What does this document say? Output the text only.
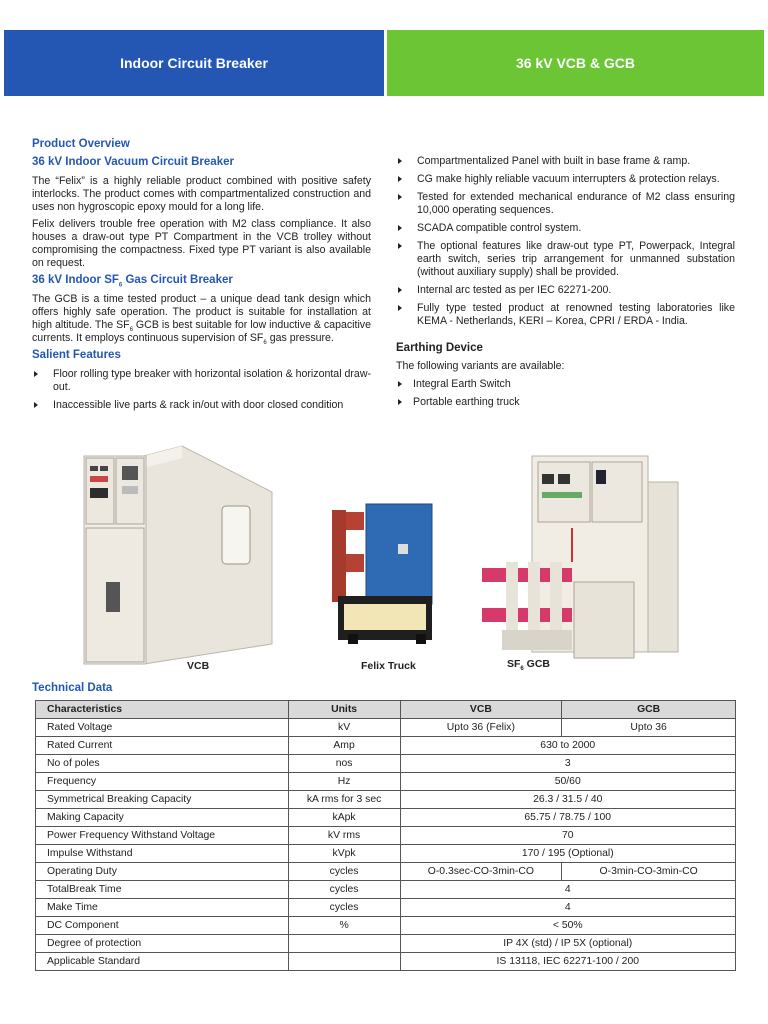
Indoor Circuit Breaker	36 kV VCB & GCB
Product Overview
36 kV Indoor Vacuum Circuit Breaker

The “Felix” is a highly reliable product combined with positive safety interlocks. The product comes with compartmentalized construction and uses non hygroscopic epoxy mould for a long life.

Felix delivers trouble free operation with M2 class compliance. It also houses a draw-out type PT Compartment in the VCB trolley without compromising the compactness. Fixed type PT variant is also available on request.

36 kV Indoor $SF_6$ Gas Circuit Breaker

The GCB is a time tested product – a unique dead tank design which offers highly safe operation. The product is suitable for installation at high altitude. The $SF_6$ GCB is best suitable for low inductive & capacitive currents. It employs continuous supervision of $SF_6$ gas pressure.

Salient Features
Floor rolling type breaker with horizontal isolation & horizontal draw-out.
Inaccessible live parts & rack in/out with door closed condition
Compartmentalized Panel with built in base frame & ramp.
CG make highly reliable vacuum interrupters & protection relays.
Tested for extended mechanical endurance of M2 class ensuring 10,000 operating sequences.
SCADA compatible control system.
The optional features like draw-out type PT, Powerpack, Integral earth switch, series trip arrangement for unmanned substation (without auxiliary supply) shall be provided.
Internal arc tested as per IEC 62271-200.
Fully type tested product at renowned testing laboratories like KEMA - Netherlands, KERI – Korea, CPRI / ERDA - India.
Earthing Device

The following variants are available:

Integral Earth Switch
Portable earthing truck
VCB	Felix Truck	$SF_6$ GCB
Technical Data
Characteristics	Units	VCB	GCB
Rated Voltage	kV	Upto 36 (Felix)	Upto 36
Rated Current	Amp	630 to 2000	
No of poles	nos	3	
Frequency	Hz	50/60	
Symmetrical Breaking Capacity	kA rms for 3 sec	26.3 / 31.5 / 40	
Making Capacity	kApk	65.75 / 78.75 / 100	
Power Frequency Withstand Voltage	kV rms	70	
Impulse Withstand	kVpk	170 / 195 (Optional)	
Operating Duty	cycles	O-0.3sec-CO-3min-CO	O-3min-CO-3min-CO
TotalBreak Time	cycles	4	
Make Time	cycles	4	
DC Component	%	< 50%	
Degree of protection		IP 4X (std) / IP 5X (optional)	
Applicable Standard		IS 13118, IEC 62271-100 / 200	
